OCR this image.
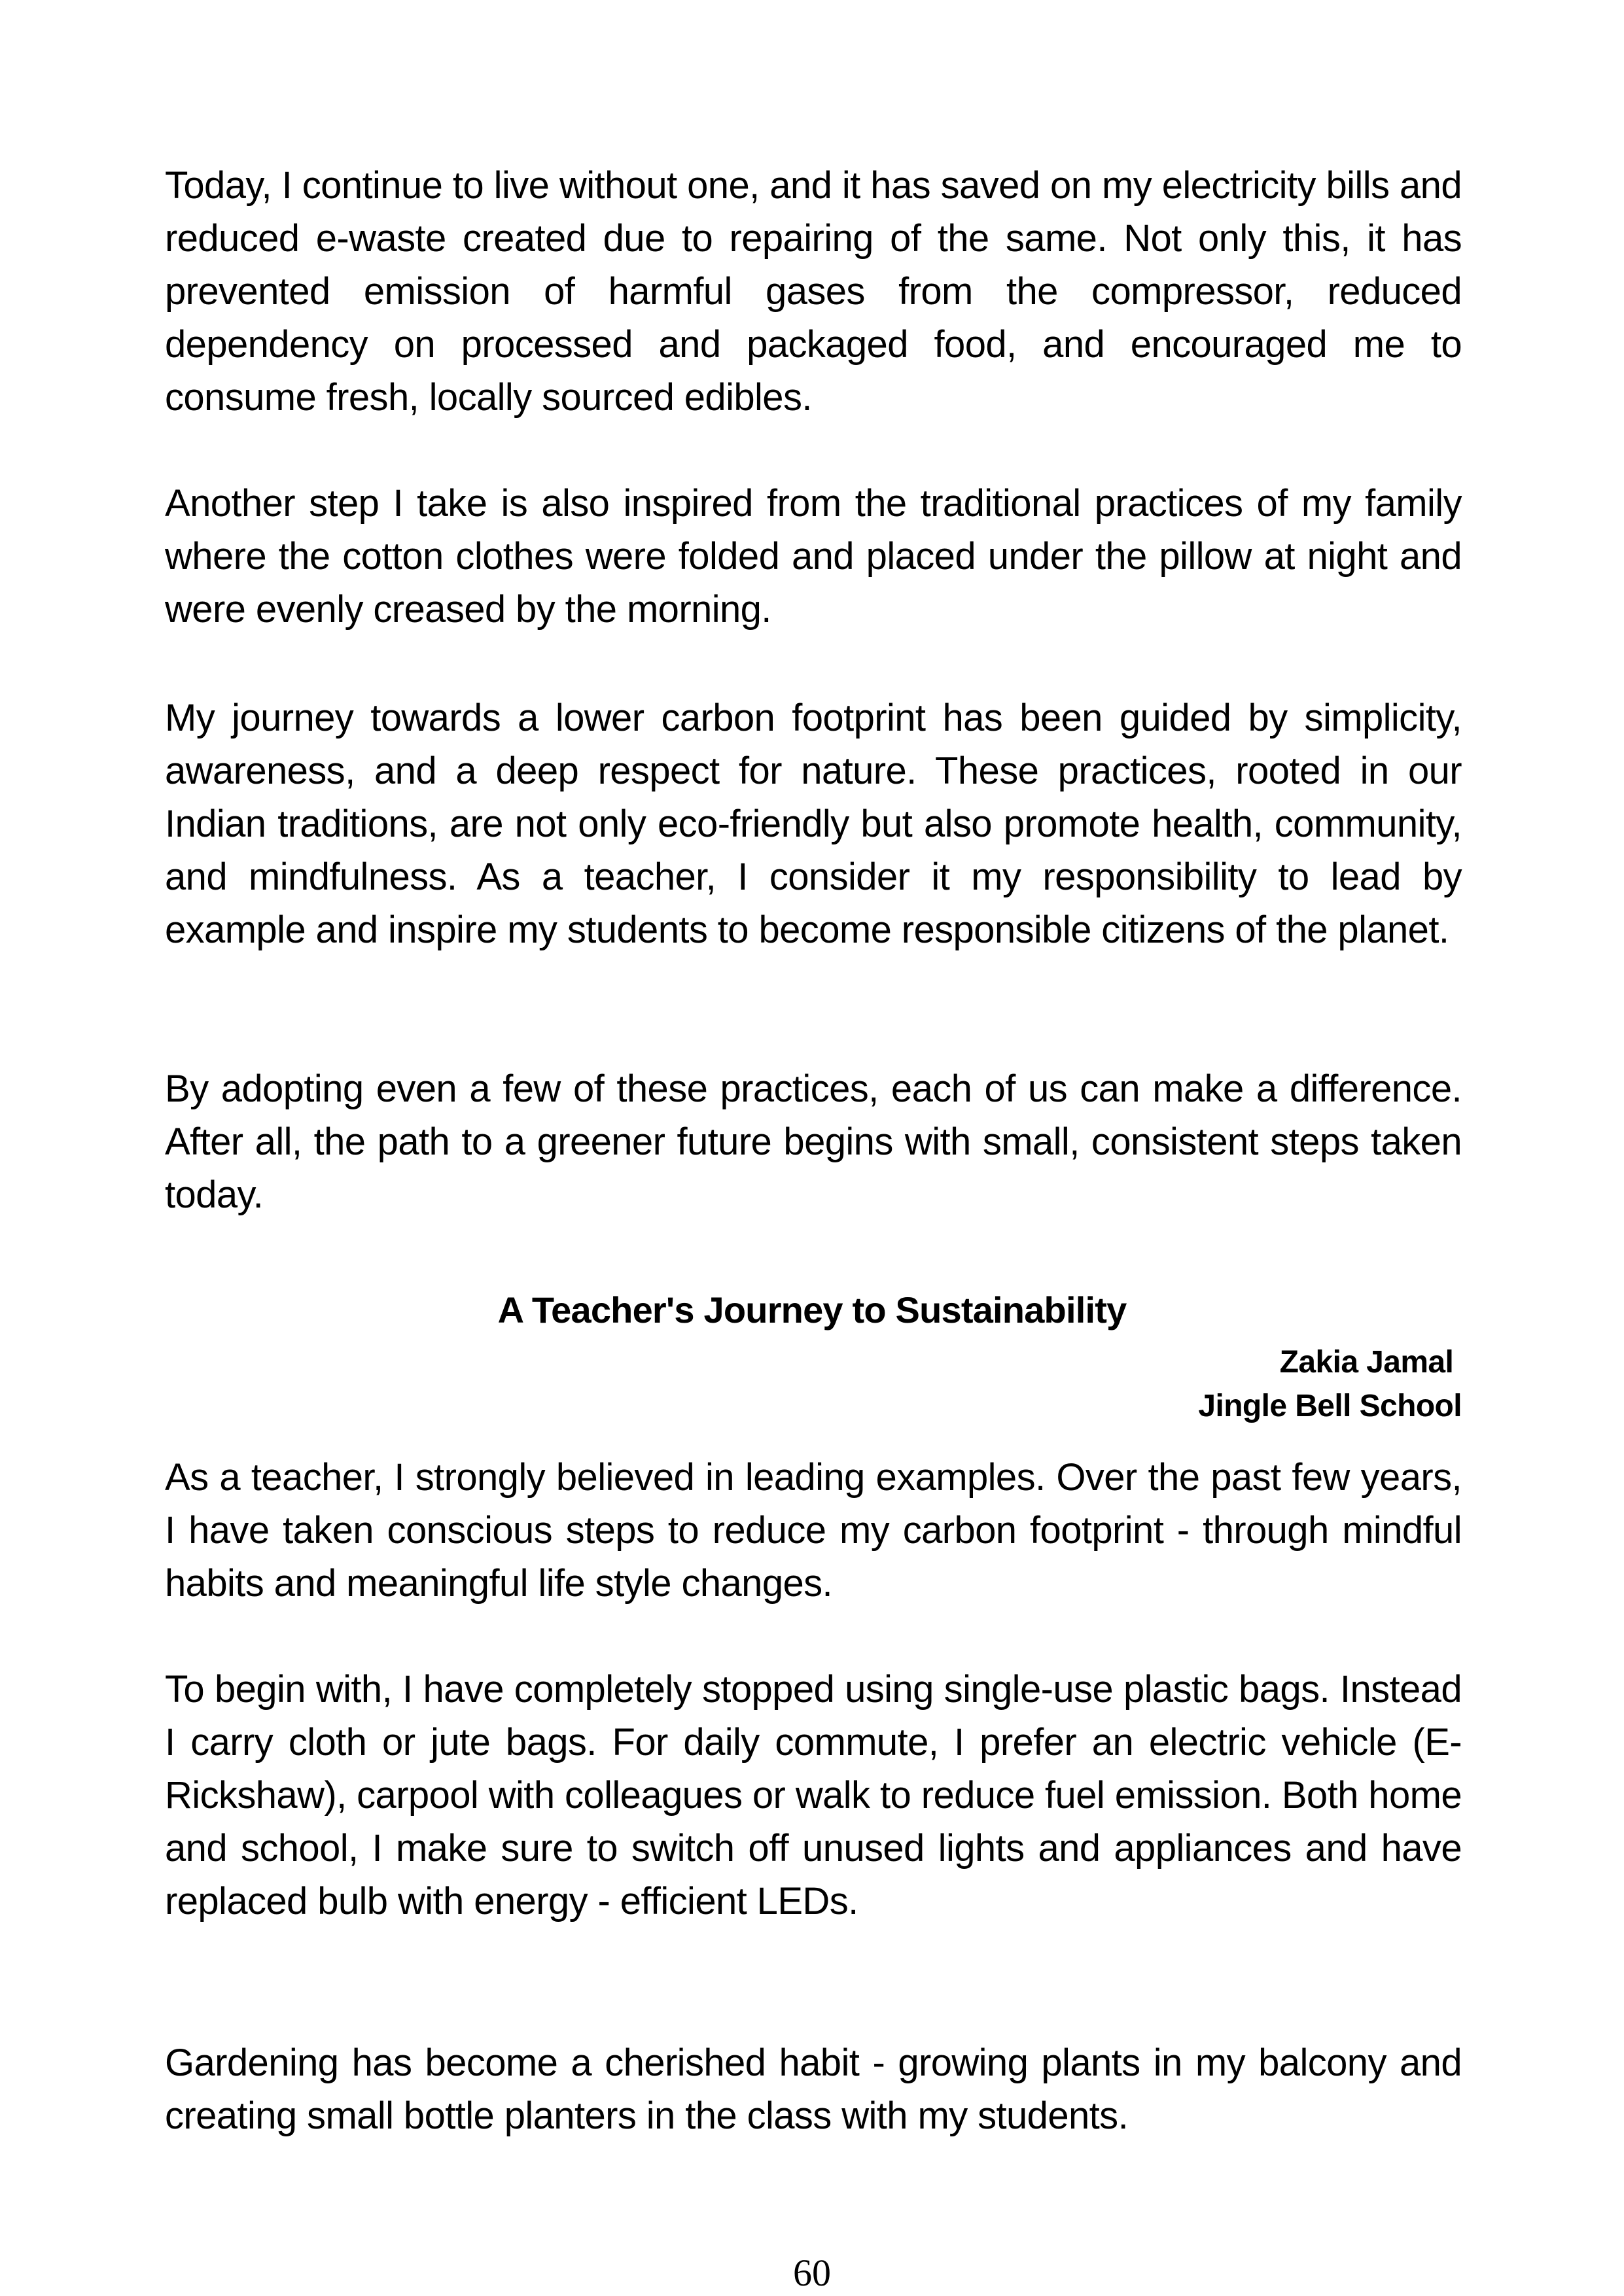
Today, I continue to live without one, and it has saved on my electricity bills and reduced e-waste created due to repairing of the same. Not only this, it has prevented emission of harmful gases from the compressor, reduced dependency on processed and packaged food, and encouraged me to consume fresh, locally sourced edibles.

Another step I take is also inspired from the traditional practices of my family where the cotton clothes were folded and placed under the pillow at night and were evenly creased by the morning.

My journey towards a lower carbon footprint has been guided by simplicity, awareness, and a deep respect for nature. These practices, rooted in our Indian traditions, are not only eco-friendly but also promote health, community, and mindfulness. As a teacher, I consider it my responsibility to lead by example and inspire my students to become responsible citizens of the planet.

By adopting even a few of these practices, each of us can make a difference. After all, the path to a greener future begins with small, consistent steps taken today.

A Teacher's Journey to Sustainability

Zakia Jamal

Jingle Bell School

As a teacher, I strongly believed in leading examples. Over the past few years, I have taken conscious steps to reduce my carbon footprint - through mindful habits and meaningful life style changes.

To begin with, I have completely stopped using single-use plastic bags. Instead I carry cloth or jute bags. For daily commute, I prefer an electric vehicle (E-Rickshaw), carpool with colleagues or walk to reduce fuel emission. Both home and school, I make sure to switch off unused lights and appliances and have replaced bulb with energy - efficient LEDs.

Gardening has become a cherished habit - growing plants in my balcony and creating small bottle planters in the class with my students.

60
